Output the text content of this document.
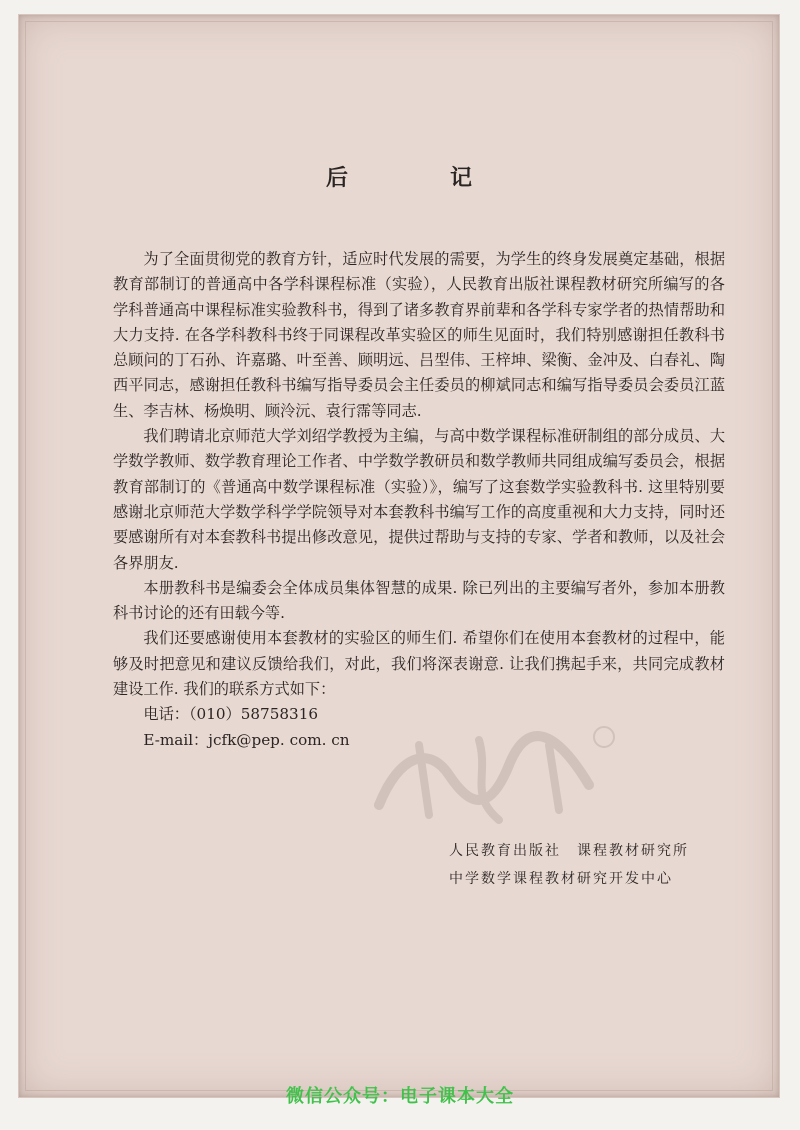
后　记

为了全面贯彻党的教育方针，适应时代发展的需要，为学生的终身发展奠定基础，根据教育部制订的普通高中各学科课程标准（实验），人民教育出版社课程教材研究所编写的各学科普通高中课程标准实验教科书，得到了诸多教育界前辈和各学科专家学者的热情帮助和大力支持. 在各学科教科书终于同课程改革实验区的师生见面时，我们特别感谢担任教科书总顾问的丁石孙、许嘉璐、叶至善、顾明远、吕型伟、王梓坤、梁衡、金冲及、白春礼、陶西平同志，感谢担任教科书编写指导委员会主任委员的柳斌同志和编写指导委员会委员江蓝生、李吉林、杨焕明、顾泠沅、袁行霈等同志.

我们聘请北京师范大学刘绍学教授为主编，与高中数学课程标准研制组的部分成员、大学数学教师、数学教育理论工作者、中学数学教研员和数学教师共同组成编写委员会，根据教育部制订的《普通高中数学课程标准（实验）》，编写了这套数学实验教科书. 这里特别要感谢北京师范大学数学科学学院领导对本套教科书编写工作的高度重视和大力支持，同时还要感谢所有对本套教科书提出修改意见，提供过帮助与支持的专家、学者和教师，以及社会各界朋友.

本册教科书是编委会全体成员集体智慧的成果. 除已列出的主要编写者外，参加本册教科书讨论的还有田载今等.

我们还要感谢使用本套教材的实验区的师生们. 希望你们在使用本套教材的过程中，能够及时把意见和建议反馈给我们，对此，我们将深表谢意. 让我们携起手来，共同完成教材建设工作. 我们的联系方式如下：

电话：（010）58758316
E-mail：jcfk@pep. com. cn
人民教育出版社　课程教材研究所
中学数学课程教材研究开发中心
微信公众号：电子课本大全
